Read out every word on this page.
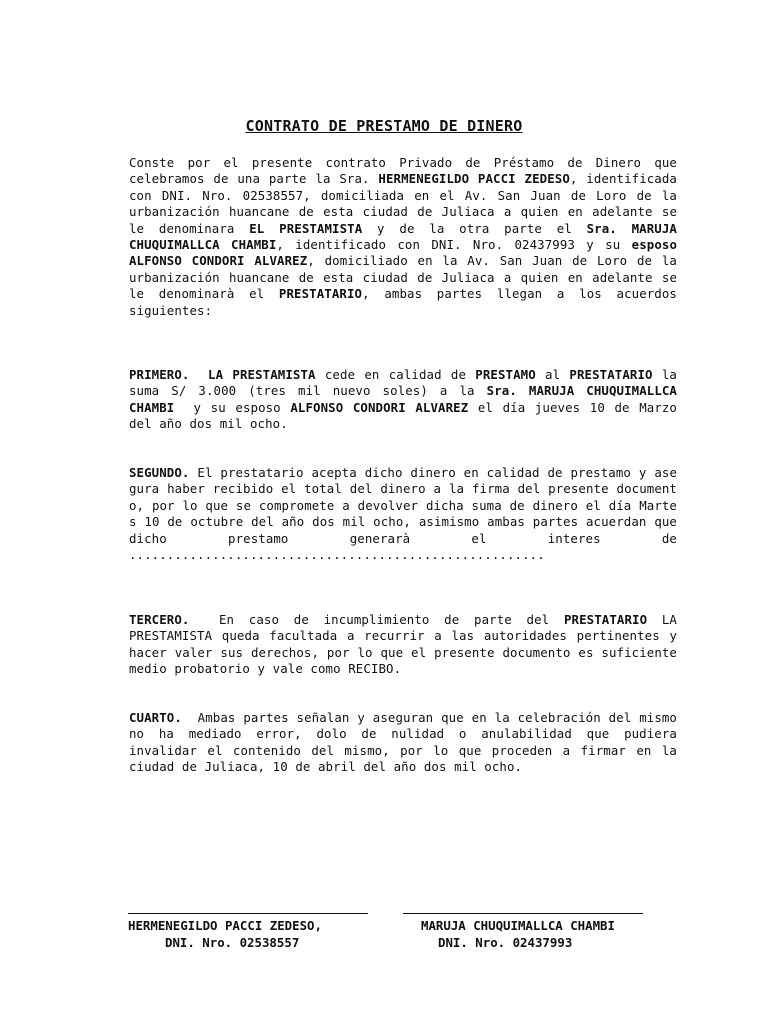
CONTRATO DE PRESTAMO DE DINERO

Conste por el presente contrato Privado de Préstamo de Dinero que celebramos de una parte la Sra. HERMENEGILDO PACCI ZEDESO, identificada con DNI. Nro. 02538557, domiciliada en el Av. San Juan de Loro de la urbanización huancane de esta ciudad de Juliaca a quien en adelante se le denominara EL PRESTAMISTA y de la otra parte el Sra. MARUJA CHUQUIMALLCA CHAMBI, identificado con DNI. Nro. 02437993 y su esposo ALFONSO CONDORI ALVAREZ, domiciliado en la Av. San Juan de Loro de la urbanización huancane de esta ciudad de Juliaca a quien en adelante se le denominarà el PRESTATARIO, ambas partes llegan a los acuerdos siguientes:

PRIMERO. LA PRESTAMISTA cede en calidad de PRESTAMO al PRESTATARIO la suma S/ 3.000 (tres mil nuevo soles) a la Sra. MARUJA CHUQUIMALLCA CHAMBI  y su esposo ALFONSO CONDORI ALVAREZ el día jueves 10 de Marzo del año dos mil ocho.

SEGUNDO. El prestatario acepta dicho dinero en calidad de prestamo y asegura haber recibido el total del dinero a la firma del presente documento, por lo que se compromete a devolver dicha suma de dinero el día Martes 10 de octubre del año dos mil ocho, asimismo ambas partes acuerdan que dicho prestamo generarà el interes de .......................................................

TERCERO.  En caso de incumplimiento de parte del PRESTATARIO LA PRESTAMISTA queda facultada a recurrir a las autoridades pertinentes y hacer valer sus derechos, por lo que el presente documento es suficiente medio probatorio y vale como RECIBO.

CUARTO.  Ambas partes señalan y aseguran que en la celebración del mismo no ha mediado error, dolo de nulidad o anulabilidad que pudiera invalidar el contenido del mismo, por lo que proceden a firmar en la ciudad de Juliaca, 10 de abril del año dos mil ocho.

HERMENEGILDO PACCI ZEDESO,
DNI. Nro. 02538557
MARUJA CHUQUIMALLCA CHAMBI
DNI. Nro. 02437993
